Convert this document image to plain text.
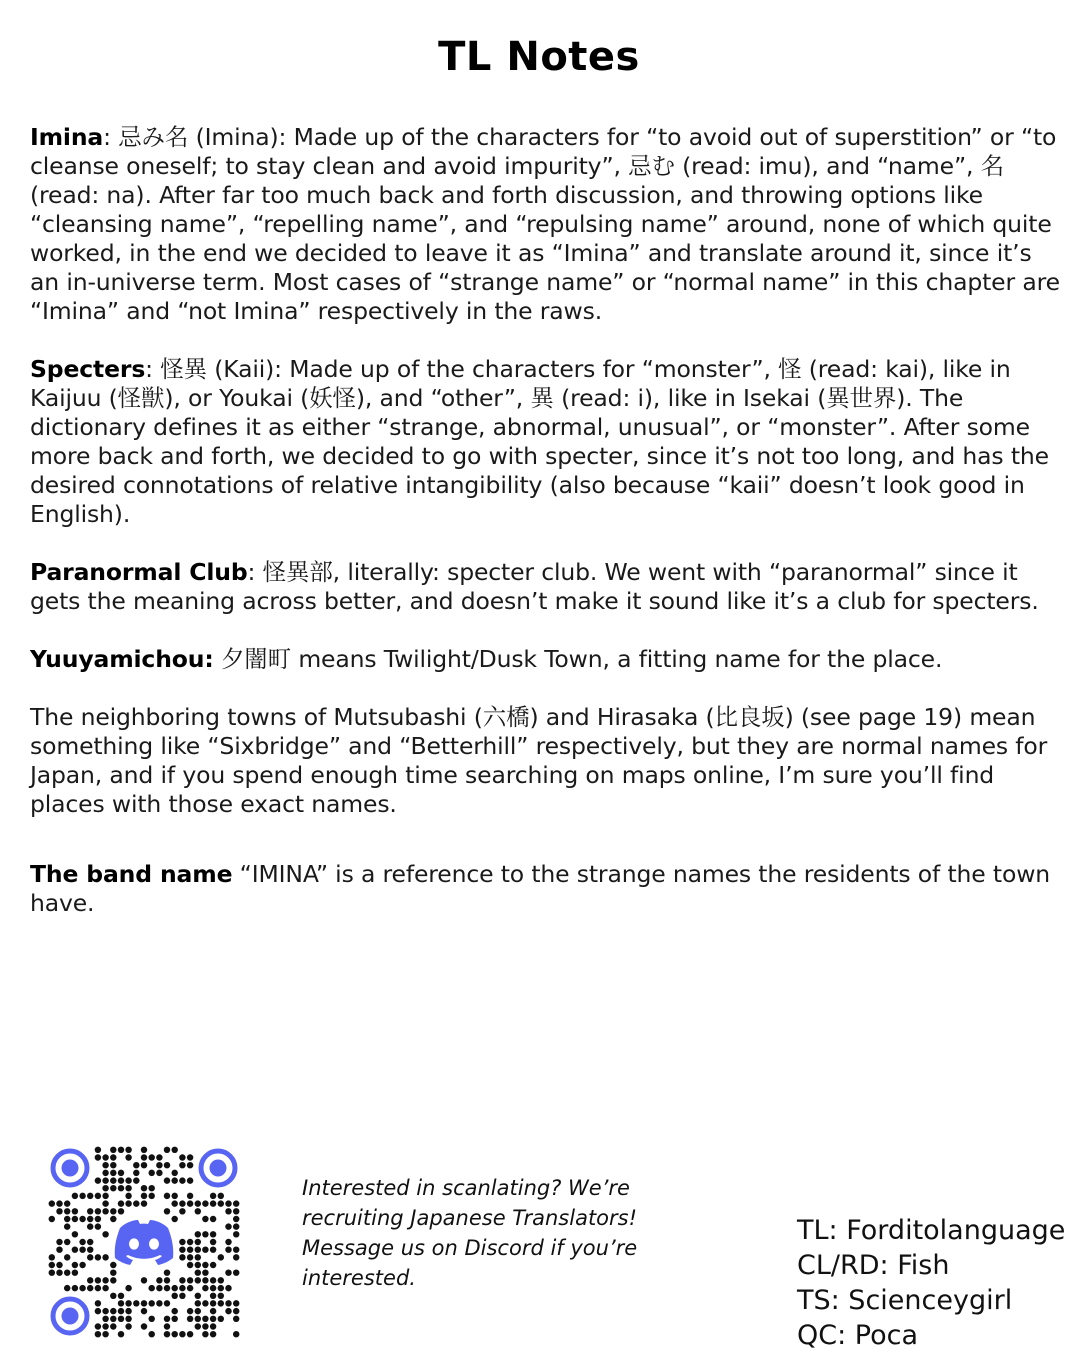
TL Notes

Imina: 忌み名 (Imina): Made up of the characters for “to avoid out of superstition” or “to cleanse oneself; to stay clean and avoid impurity”, 忌む (read: imu), and “name”, 名 (read: na). After far too much back and forth discussion, and throwing options like “cleansing name”, “repelling name”, and “repulsing name” around, none of which quite worked, in the end we decided to leave it as “Imina” and translate around it, since it’s an in-universe term. Most cases of “strange name” or “normal name” in this chapter are “Imina” and “not Imina” respectively in the raws.

Specters: 怪異 (Kaii): Made up of the characters for “monster”, 怪 (read: kai), like in Kaijuu (怪獣), or Youkai (妖怪), and “other”, 異 (read: i), like in Isekai (異世界). The dictionary defines it as either “strange, abnormal, unusual”, or “monster”. After some more back and forth, we decided to go with specter, since it’s not too long, and has the desired connotations of relative intangibility (also because “kaii” doesn’t look good in English).

Paranormal Club: 怪異部, literally: specter club. We went with “paranormal” since it gets the meaning across better, and doesn’t make it sound like it’s a club for specters.

Yuuyamichou: 夕闇町 means Twilight/Dusk Town, a fitting name for the place.

The neighboring towns of Mutsubashi (六橋) and Hirasaka (比良坂) (see page 19) mean something like “Sixbridge” and “Betterhill” respectively, but they are normal names for Japan, and if you spend enough time searching on maps online, I’m sure you’ll find places with those exact names.

The band name “IMINA” is a reference to the strange names the residents of the town have.

Interested in scanlating? We’re
recruiting Japanese Translators!
Message us on Discord if you’re
interested.
TL: Forditolanguage
CL/RD: Fish
TS: Scienceygirl
QC: Poca
